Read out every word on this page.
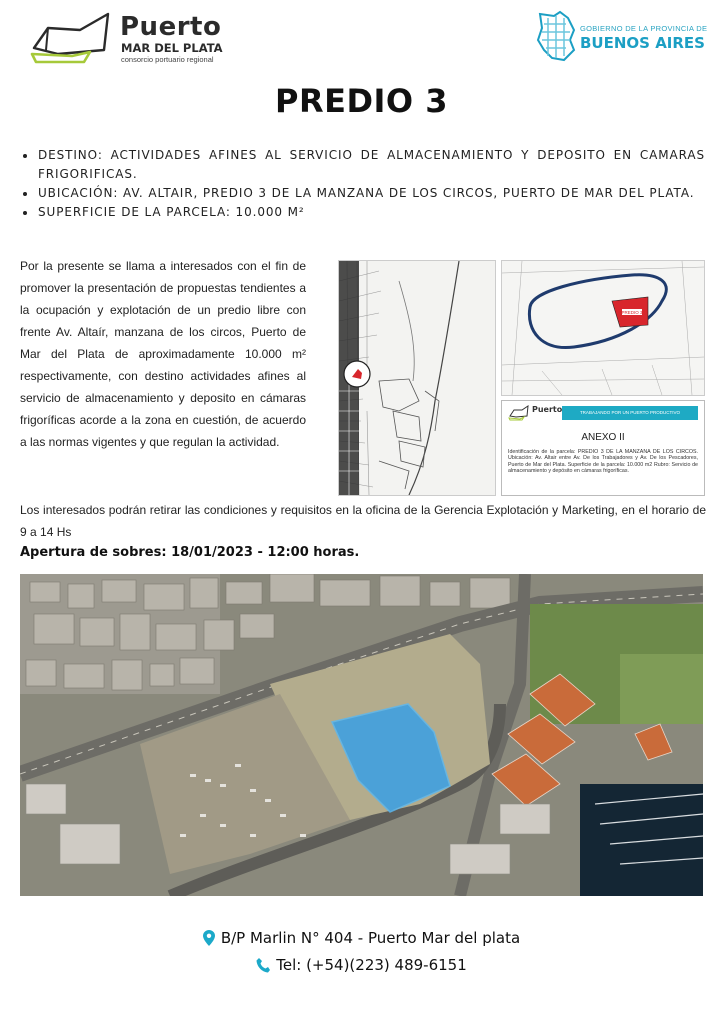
Puerto
MAR DEL PLATA
consorcio portuario regional
GOBIERNO DE LA PROVINCIA DE
BUENOS AIRES
PREDIO 3
DESTINO: ACTIVIDADES AFINES AL SERVICIO DE ALMACENAMIENTO Y DEPOSITO EN CAMARAS FRIGORIFICAS.
UBICACIÓN: AV. ALTAIR, PREDIO 3 DE LA MANZANA DE LOS CIRCOS, PUERTO DE MAR DEL PLATA.
SUPERFICIE DE LA PARCELA: 10.000 M²
Por la presente se llama a interesados con el fin de promover la presentación de propuestas tendientes a la ocupación y explotación de un predio libre con frente Av. Altaír, manzana de los circos, Puerto de Mar del Plata de aproximadamente 10.000 m² respectivamente, con destino actividades afines al servicio de almacenamiento y deposito en cámaras frigoríficas acorde a la zona en cuestión, de acuerdo a las normas vigentes y que regulan la actividad.
PREDIO 3
Puerto	TRABAJANDO POR UN PUERTO PRODUCTIVO
ANEXO II
Identificación de la parcela: PREDIO 3 DE LA MANZANA DE LOS CIRCOS. Ubicación: Av. Altair entre Av. De los Trabajadores y Av. De los Pescadores, Puerto de Mar del Plata. Superficie de la parcela: 10.000 m2 Rubro: Servicio de almacenamiento y depósito en cámaras frigoríficas.
Los interesados podrán retirar las condiciones y requisitos en la oficina de la Gerencia Explotación y Marketing, en el horario de 9 a 14 Hs
Apertura de sobres: 18/01/2023 - 12:00 horas.
B/P Marlin N° 404 - Puerto Mar del plata
Tel: (+54)(223) 489-6151
